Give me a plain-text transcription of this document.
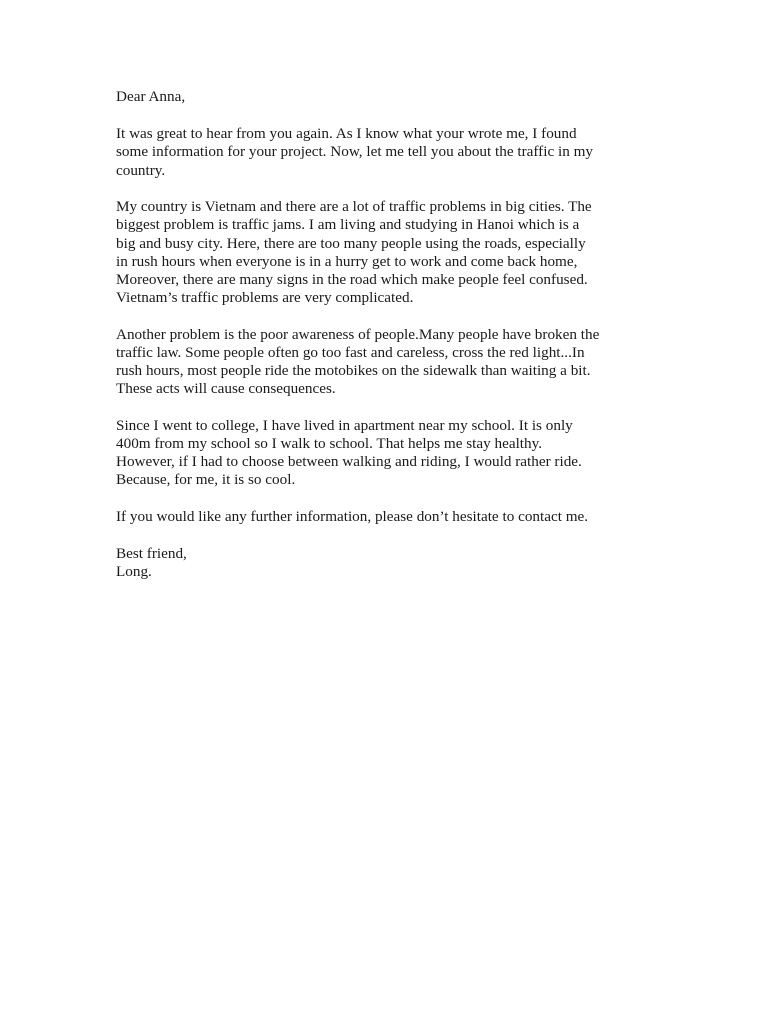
Dear Anna,
It was great to hear from you again. As I know what your wrote me, I found
some information for your project. Now, let me tell you about the traffic in my
country.
My country is Vietnam and there are a lot of traffic problems in big cities. The
biggest problem is traffic jams. I am living and studying in Hanoi which is a
big and busy city. Here, there are too many people using the roads, especially
in rush hours when everyone is in a hurry get to work and come back home,
Moreover, there are many signs in the road which make people feel confused.
Vietnam’s traffic problems are very complicated.
Another problem is the poor awareness of people.Many people have broken the
traffic law. Some people often go too fast and careless, cross the red light...In
rush hours, most people ride the motobikes on the sidewalk than waiting a bit.
These acts will cause consequences.
Since I went to college, I have lived in apartment near my school. It is only
400m from my school so I walk to school. That helps me stay healthy.
However, if I had to choose between walking and riding, I would rather ride.
Because, for me, it is so cool.
If you would like any further information, please don’t hesitate to contact me.
Best friend,
Long.
